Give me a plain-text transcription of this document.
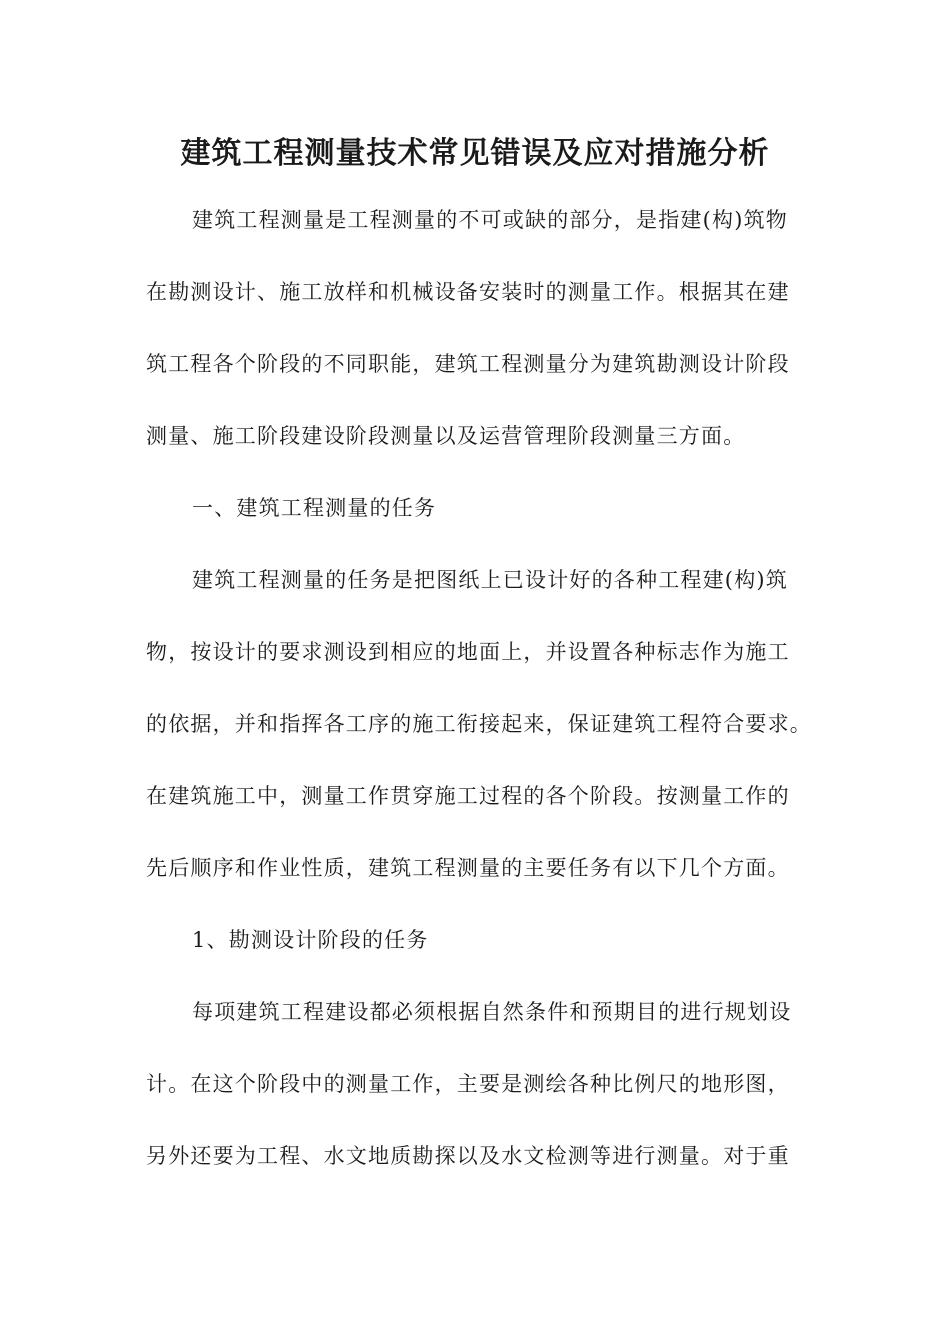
建筑工程测量技术常见错误及应对措施分析

建筑工程测量是工程测量的不可或缺的部分，是指建(构)筑物

在勘测设计、施工放样和机械设备安装时的测量工作。根据其在建

筑工程各个阶段的不同职能，建筑工程测量分为建筑勘测设计阶段

测量、施工阶段建设阶段测量以及运营管理阶段测量三方面。

一、建筑工程测量的任务

建筑工程测量的任务是把图纸上已设计好的各种工程建(构)筑

物，按设计的要求测设到相应的地面上，并设置各种标志作为施工

的依据，并和指挥各工序的施工衔接起来，保证建筑工程符合要求。

在建筑施工中，测量工作贯穿施工过程的各个阶段。按测量工作的

先后顺序和作业性质，建筑工程测量的主要任务有以下几个方面。

1、勘测设计阶段的任务

每项建筑工程建设都必须根据自然条件和预期目的进行规划设

计。在这个阶段中的测量工作，主要是测绘各种比例尺的地形图，

另外还要为工程、水文地质勘探以及水文检测等进行测量。对于重
